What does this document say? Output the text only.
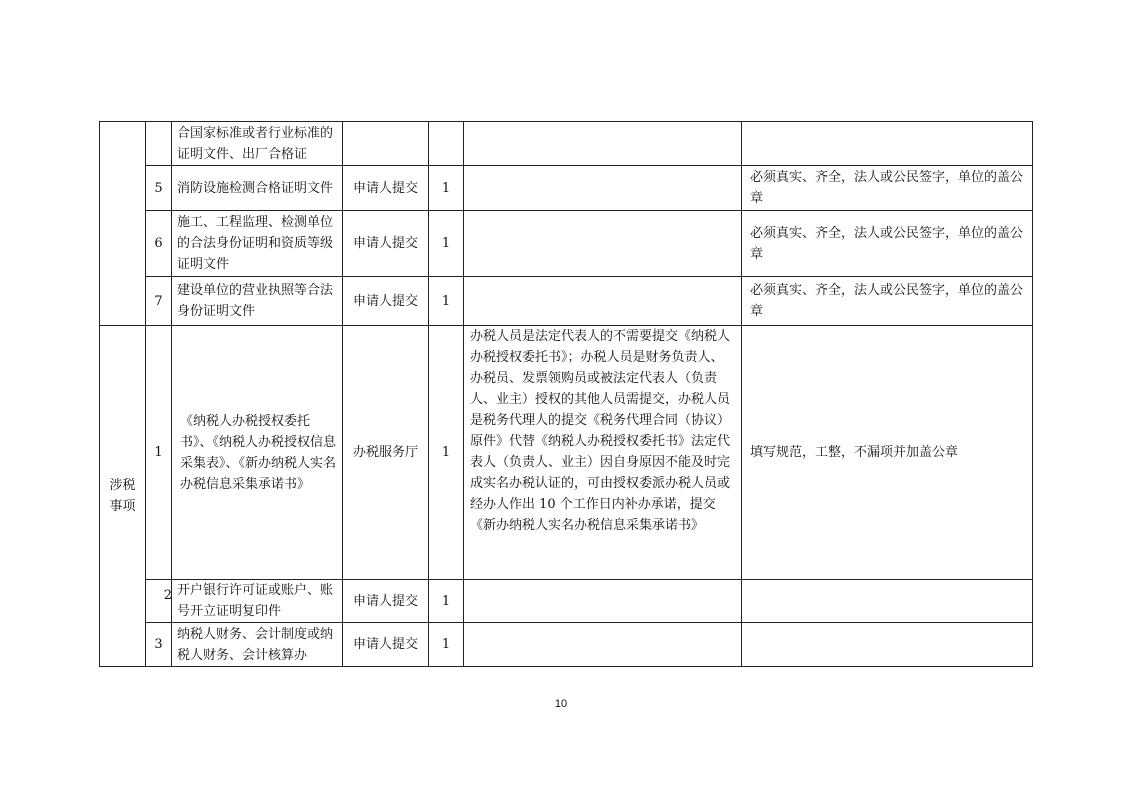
		合国家标准或者行业标准的证明文件、出厂合格证				
	5	消防设施检测合格证明文件	申请人提交	1		必须真实、齐全，法人或公民签字，单位的盖公章
	6	施工、工程监理、检测单位的合法身份证明和资质等级证明文件	申请人提交	1		必须真实、齐全，法人或公民签字，单位的盖公章
	7	建设单位的营业执照等合法身份证明文件	申请人提交	1		必须真实、齐全，法人或公民签字，单位的盖公章
涉税事项	1	《纳税人办税授权委托书》、《纳税人办税授权信息采集表》、《新办纳税人实名办税信息采集承诺书》	办税服务厅	1	办税人员是法定代表人的不需要提交《纳税人办税授权委托书》；办税人员是财务负责人、办税员、发票领购员或被法定代表人（负责人、业主）授权的其他人员需提交，办税人员是税务代理人的提交《税务代理合同（协议）原件》代替《纳税人办税授权委托书》法定代表人（负责人、业主）因自身原因不能及时完成实名办税认证的，可由授权委派办税人员或经办人作出 10 个工作日内补办承诺，提交《新办纳税人实名办税信息采集承诺书》	填写规范，工整，不漏项并加盖公章

	2	开户银行许可证或账户、账号开立证明复印件	申请人提交	1		
	3	纳税人财务、会计制度或纳税人财务、会计核算办	申请人提交	1		
10
